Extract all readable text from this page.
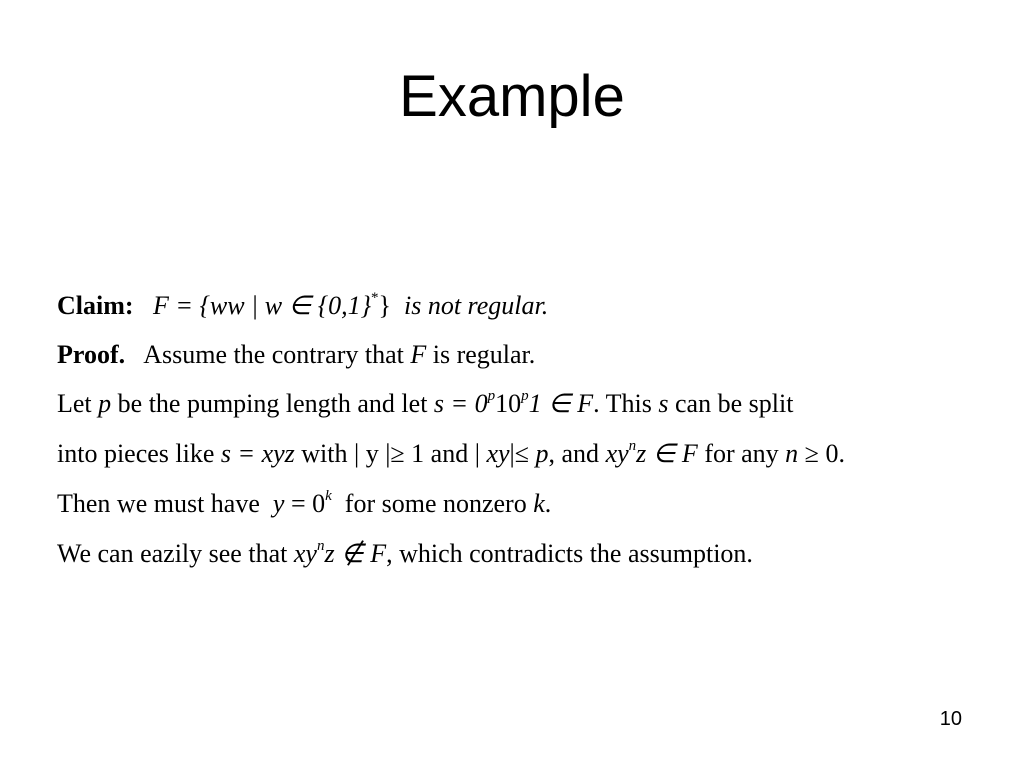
Example
Claim: F = {ww | w ∈ {0,1}*} is not regular.
Proof. Assume the contrary that F is regular.
Let p be the pumping length and let $s = 0^p10^p1$ ∈ F. This s can be split
into pieces like s = xyz with | y |≥ 1 and | xy|≤ p, and $xy^nz$ ∈ F for any n ≥ 0.
Then we must have $y = 0^k$ for some nonzero k.
We can eazily see that $xy^nz$ ∉ F, which contradicts the assumption.
10
